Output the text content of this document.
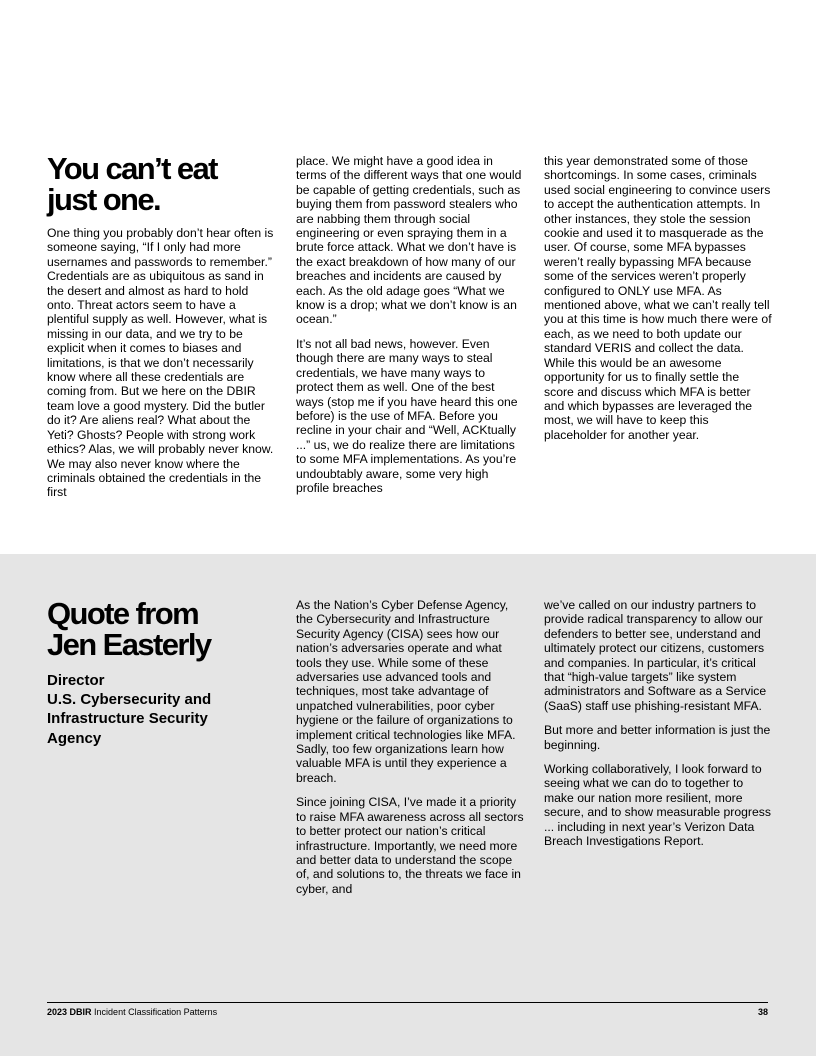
You can’t eat
just one.

One thing you probably don’t hear often is someone saying, “If I only had more usernames and passwords to remember.” Credentials are as ubiquitous as sand in the desert and almost as hard to hold onto. Threat actors seem to have a plentiful supply as well. However, what is missing in our data, and we try to be explicit when it comes to biases and limitations, is that we don’t necessarily know where all these credentials are coming from. But we here on the DBIR team love a good mystery. Did the butler do it? Are aliens real? What about the Yeti? Ghosts? People with strong work ethics? Alas, we will probably never know. We may also never know where the criminals obtained the credentials in the first

place. We might have a good idea in terms of the different ways that one would be capable of getting credentials, such as buying them from password stealers who are nabbing them through social engineering or even spraying them in a brute force attack. What we don’t have is the exact breakdown of how many of our breaches and incidents are caused by each. As the old adage goes “What we know is a drop; what we don’t know is an ocean.”

It’s not all bad news, however. Even though there are many ways to steal credentials, we have many ways to protect them as well. One of the best ways (stop me if you have heard this one before) is the use of MFA. Before you recline in your chair and “Well, ACKtually ...” us, we do realize there are limitations to some MFA implementations. As you’re undoubtably aware, some very high profile breaches

this year demonstrated some of those shortcomings. In some cases, criminals used social engineering to convince users to accept the authentication attempts. In other instances, they stole the session cookie and used it to masquerade as the user. Of course, some MFA bypasses weren’t really bypassing MFA because some of the services weren’t properly configured to ONLY use MFA. As mentioned above, what we can’t really tell you at this time is how much there were of each, as we need to both update our standard VERIS and collect the data. While this would be an awesome opportunity for us to finally settle the score and discuss which MFA is better and which bypasses are leveraged the most, we will have to keep this placeholder for another year.

Quote from
Jen Easterly

Director
U.S. Cybersecurity and
Infrastructure Security
Agency

As the Nation’s Cyber Defense Agency, the Cybersecurity and Infrastructure Security Agency (CISA) sees how our nation’s adversaries operate and what tools they use. While some of these adversaries use advanced tools and techniques, most take advantage of unpatched vulnerabilities, poor cyber hygiene or the failure of organizations to implement critical technologies like MFA. Sadly, too few organizations learn how valuable MFA is until they experience a breach.

Since joining CISA, I’ve made it a priority to raise MFA awareness across all sectors to better protect our nation’s critical infrastructure. Importantly, we need more and better data to understand the scope of, and solutions to, the threats we face in cyber, and

we’ve called on our industry partners to provide radical transparency to allow our defenders to better see, understand and ultimately protect our citizens, customers and companies. In particular, it’s critical that “high-value targets” like system administrators and Software as a Service (SaaS) staff use phishing-resistant MFA.

But more and better information is just the beginning.

Working collaboratively, I look forward to seeing what we can do to together to make our nation more resilient, more secure, and to show measurable progress ... including in next year’s Verizon Data Breach Investigations Report.

2023 DBIR Incident Classification Patterns	38
